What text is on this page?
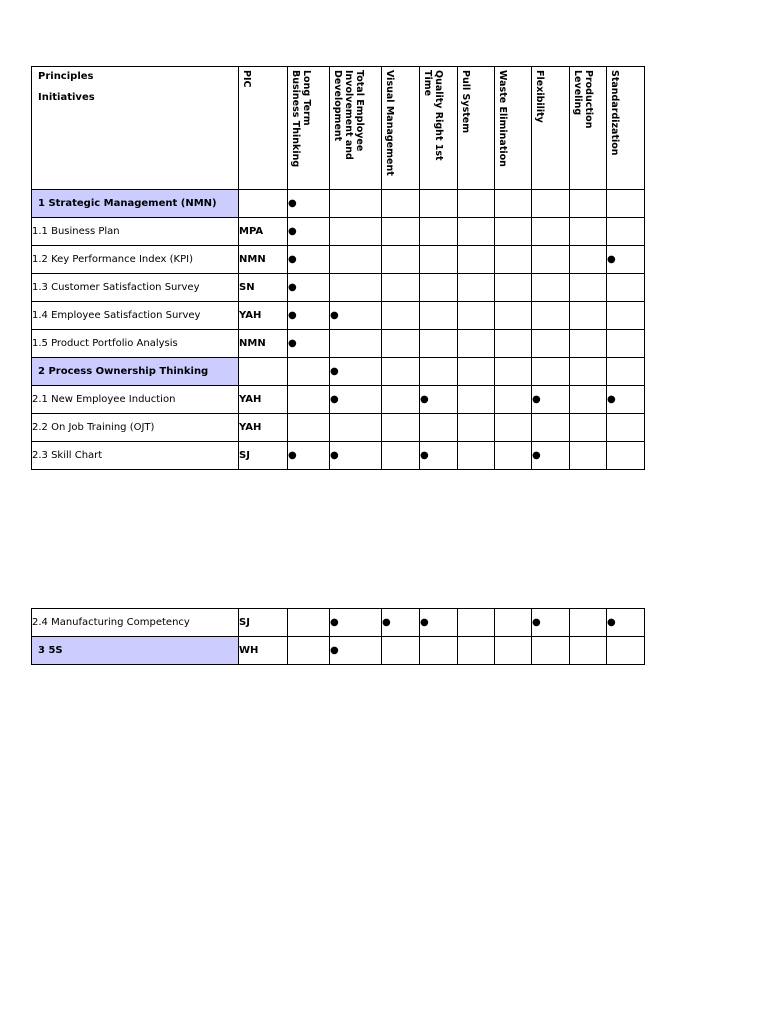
Principles
Initiatives	PIC	Long Term Business Thinking	Total Employee Involvement and Development	Visual Management	Quality Right 1st Time	Pull System	Waste Elimination	Flexibility	Production Leveling	Standardization

1 Strategic Management (NMN)		●								
1.1 Business Plan	MPA	●								
1.2 Key Performance Index (KPI)	NMN	●								●
1.3 Customer Satisfaction Survey	SN	●								
1.4 Employee Satisfaction Survey	YAH	●	●							
1.5 Product Portfolio Analysis	NMN	●								
2 Process Ownership Thinking			●							
2.1 New Employee Induction	YAH		●		●			●		●
2.2 On Job Training (OJT)	YAH									
2.3 Skill Chart	SJ	●	●		●			●		
2.4 Manufacturing Competency	SJ		●	●	●			●		●
3 5S	WH		●							
